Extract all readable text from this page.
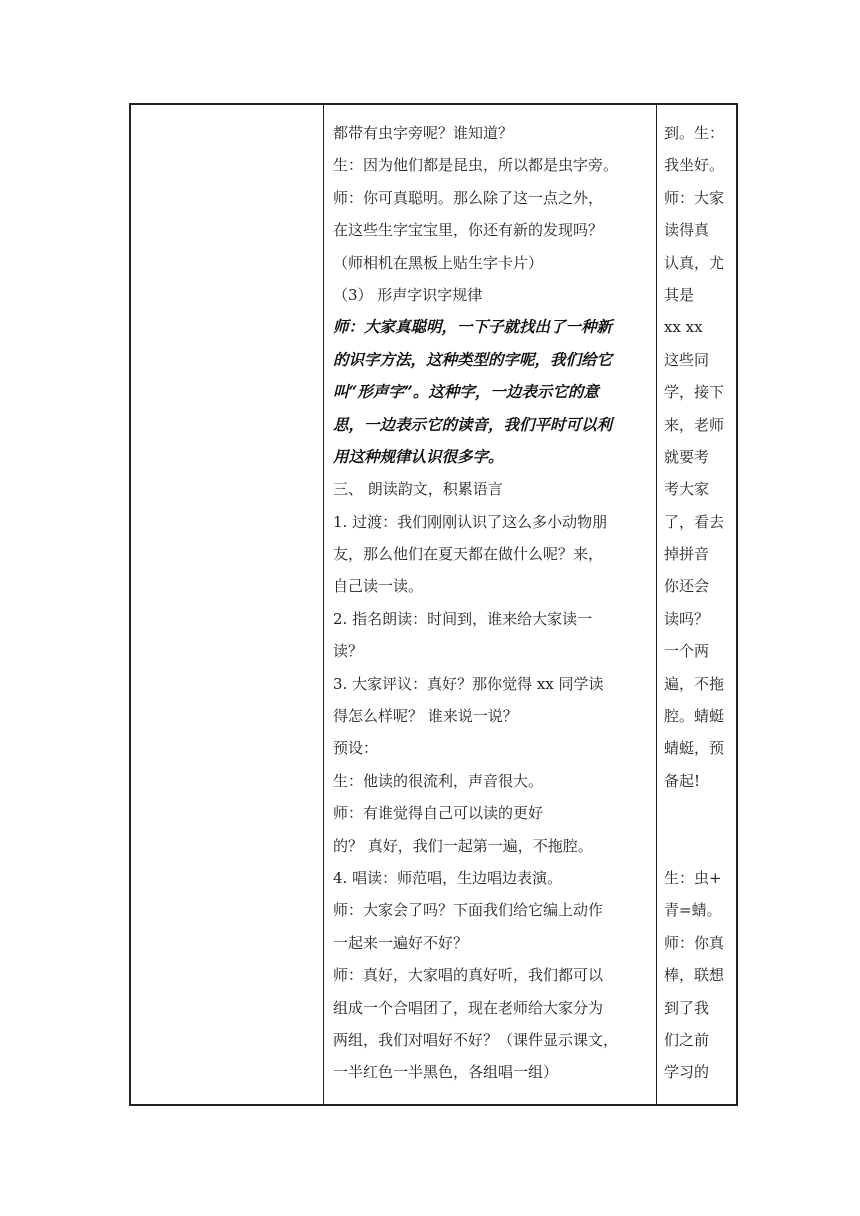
都带有虫字旁呢？谁知道？
生：因为他们都是昆虫，所以都是虫字旁。
师：你可真聪明。那么除了这一点之外，
在这些生字宝宝里，你还有新的发现吗？
（师相机在黑板上贴生字卡片）
（3） 形声字识字规律
师：大家真聪明，一下子就找出了一种新
的识字方法，这种类型的字呢，我们给它
叫“形声字”。这种字，一边表示它的意
思，一边表示它的读音，我们平时可以利
用这种规律认识很多字。
三、 朗读韵文，积累语言
1. 过渡：我们刚刚认识了这么多小动物朋
友，那么他们在夏天都在做什么呢？来，
自己读一读。
2. 指名朗读：时间到，谁来给大家读一
读？
3. 大家评议：真好？那你觉得 xx 同学读
得怎么样呢？ 谁来说一说？
预设：
生：他读的很流利，声音很大。
师：有谁觉得自己可以读的更好
的？ 真好，我们一起第一遍，不拖腔。
4. 唱读：师范唱，生边唱边表演。
师：大家会了吗？下面我们给它编上动作
一起来一遍好不好？
师：真好，大家唱的真好听，我们都可以
组成一个合唱团了，现在老师给大家分为
两组，我们对唱好不好？（课件显示课文，
一半红色一半黑色，各组唱一组）
到。生：
我坐好。
师：大家
读得真
认真，尤
其是
xx xx
这些同
学，接下
来，老师
就要考
考大家
了，看去
掉拼音
你还会
读吗？
一个两
遍，不拖
腔。蜻蜓
蜻蜓，预
备起!
生：虫+
青=蜻。
师：你真
棒，联想
到了我
们之前
学习的
